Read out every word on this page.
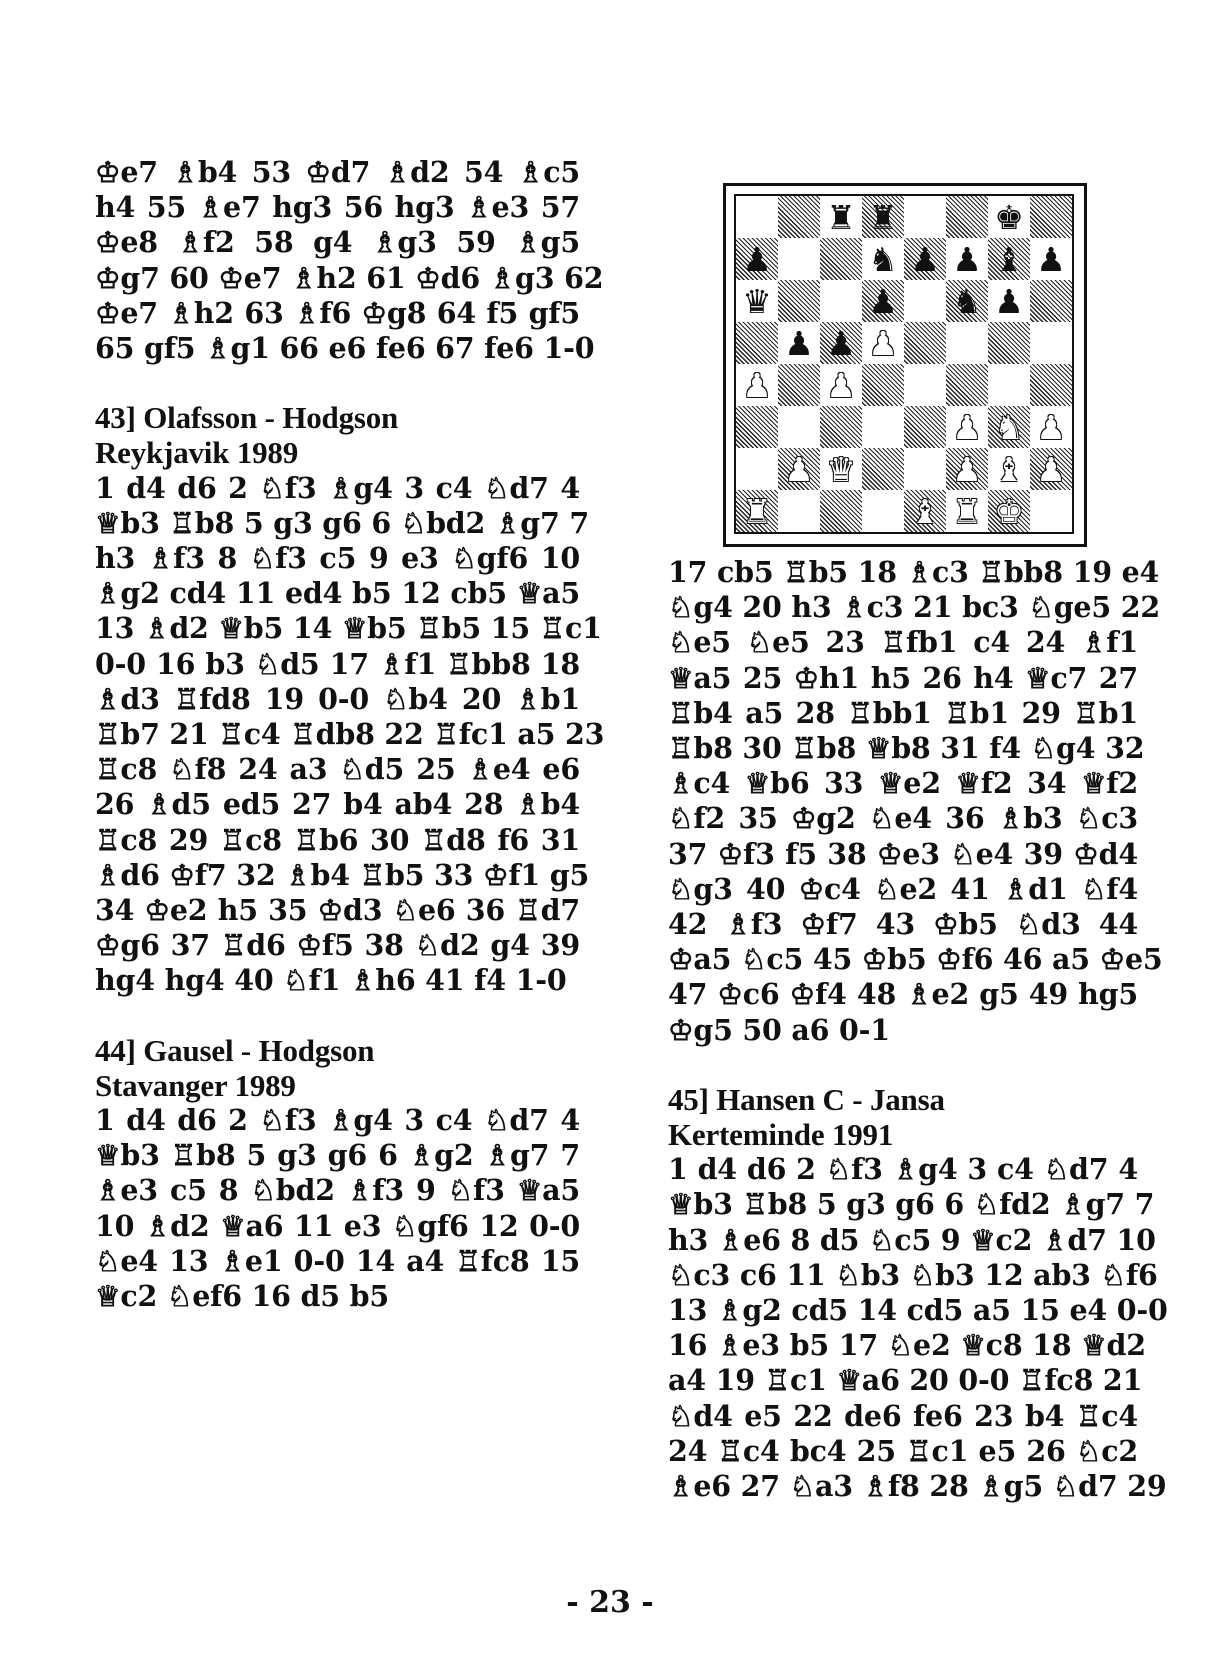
♔e7 ♗b4 53 ♔d7 ♗d2 54 ♗c5
h4 55 ♗e7 hg3 56 hg3 ♗e3 57
♔e8 ♗f2 58 g4 ♗g3 59 ♗g5
♔g7 60 ♔e7 ♗h2 61 ♔d6 ♗g3 62
♔e7 ♗h2 63 ♗f6 ♔g8 64 f5 gf5
65 gf5 ♗g1 66 e6 fe6 67 fe6 1-0
43] Olafsson - Hodgson
Reykjavik 1989
1 d4 d6 2 ♘f3 ♗g4 3 c4 ♘d7 4
♕b3 ♖b8 5 g3 g6 6 ♘bd2 ♗g7 7
h3 ♗f3 8 ♘f3 c5 9 e3 ♘gf6 10
♗g2 cd4 11 ed4 b5 12 cb5 ♕a5
13 ♗d2 ♕b5 14 ♕b5 ♖b5 15 ♖c1
0-0 16 b3 ♘d5 17 ♗f1 ♖bb8 18
♗d3 ♖fd8 19 0-0 ♘b4 20 ♗b1
♖b7 21 ♖c4 ♖db8 22 ♖fc1 a5 23
♖c8 ♘f8 24 a3 ♘d5 25 ♗e4 e6
26 ♗d5 ed5 27 b4 ab4 28 ♗b4
♖c8 29 ♖c8 ♖b6 30 ♖d8 f6 31
♗d6 ♔f7 32 ♗b4 ♖b5 33 ♔f1 g5
34 ♔e2 h5 35 ♔d3 ♘e6 36 ♖d7
♔g6 37 ♖d6 ♔f5 38 ♘d2 g4 39
hg4 hg4 40 ♘f1 ♗h6 41 f4 1-0
44] Gausel - Hodgson
Stavanger 1989
1 d4 d6 2 ♘f3 ♗g4 3 c4 ♘d7 4
♕b3 ♖b8 5 g3 g6 6 ♗g2 ♗g7 7
♗e3 c5 8 ♘bd2 ♗f3 9 ♘f3 ♕a5
10 ♗d2 ♕a6 11 e3 ♘gf6 12 0-0
♘e4 13 ♗e1 0-0 14 a4 ♖fc8 15
♕c2 ♘ef6 16 d5 b5
♜ ♜	♚
♟	♞ ♟ ♟ ♝ ♟
♛	♟ ♞ ♟
♟ ♟ ♟
♟ ♟
♟ ♞ ♟
♟ ♛	♟ ♝ ♟
♜	♝ ♜ ♚
17 cb5 ♖b5 18 ♗c3 ♖bb8 19 e4
♘g4 20 h3 ♗c3 21 bc3 ♘ge5 22
♘e5 ♘e5 23 ♖fb1 c4 24 ♗f1
♕a5 25 ♔h1 h5 26 h4 ♕c7 27
♖b4 a5 28 ♖bb1 ♖b1 29 ♖b1
♖b8 30 ♖b8 ♕b8 31 f4 ♘g4 32
♗c4 ♕b6 33 ♕e2 ♕f2 34 ♕f2
♘f2 35 ♔g2 ♘e4 36 ♗b3 ♘c3
37 ♔f3 f5 38 ♔e3 ♘e4 39 ♔d4
♘g3 40 ♔c4 ♘e2 41 ♗d1 ♘f4
42 ♗f3 ♔f7 43 ♔b5 ♘d3 44
♔a5 ♘c5 45 ♔b5 ♔f6 46 a5 ♔e5
47 ♔c6 ♔f4 48 ♗e2 g5 49 hg5
♔g5 50 a6 0-1
45] Hansen C - Jansa
Kerteminde 1991
1 d4 d6 2 ♘f3 ♗g4 3 c4 ♘d7 4
♕b3 ♖b8 5 g3 g6 6 ♘fd2 ♗g7 7
h3 ♗e6 8 d5 ♘c5 9 ♕c2 ♗d7 10
♘c3 c6 11 ♘b3 ♘b3 12 ab3 ♘f6
13 ♗g2 cd5 14 cd5 a5 15 e4 0-0
16 ♗e3 b5 17 ♘e2 ♕c8 18 ♕d2
a4 19 ♖c1 ♕a6 20 0-0 ♖fc8 21
♘d4 e5 22 de6 fe6 23 b4 ♖c4
24 ♖c4 bc4 25 ♖c1 e5 26 ♘c2
♗e6 27 ♘a3 ♗f8 28 ♗g5 ♘d7 29
- 23 -
